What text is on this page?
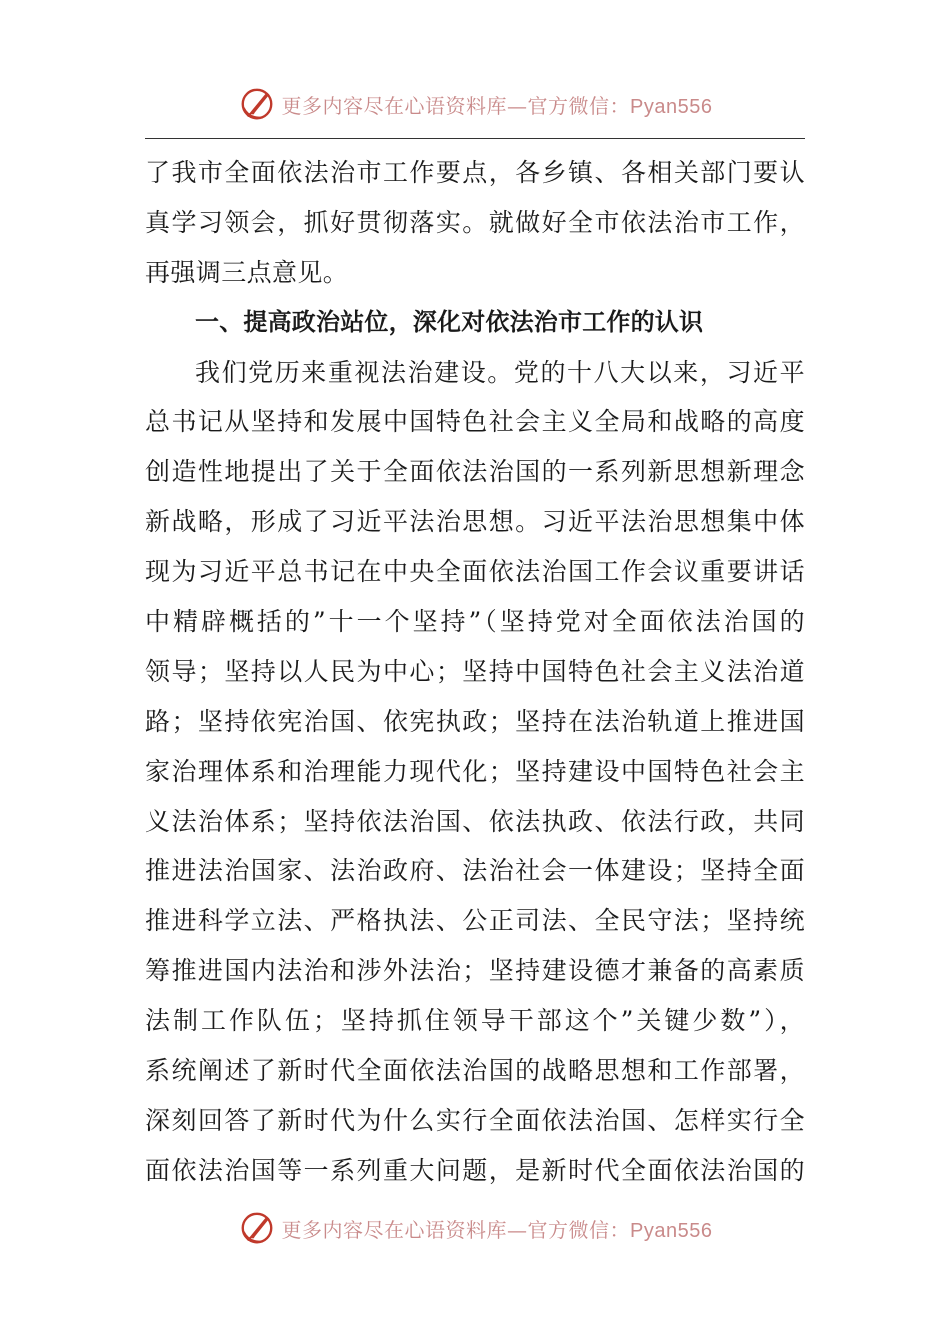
更多内容尽在心语资料库—官方微信：Pyan556
了我市全面依法治市工作要点，各乡镇、各相关部门要认
真学习领会，抓好贯彻落实。就做好全市依法治市工作，
再强调三点意见。
一、提高政治站位，深化对依法治市工作的认识
我们党历来重视法治建设。党的十八大以来，习近平
总书记从坚持和发展中国特色社会主义全局和战略的高度
创造性地提出了关于全面依法治国的一系列新思想新理念
新战略，形成了习近平法治思想。习近平法治思想集中体
现为习近平总书记在中央全面依法治国工作会议重要讲话
中精辟概括的”十一个坚持”（坚持党对全面依法治国的
领导；坚持以人民为中心；坚持中国特色社会主义法治道
路；坚持依宪治国、依宪执政；坚持在法治轨道上推进国
家治理体系和治理能力现代化；坚持建设中国特色社会主
义法治体系；坚持依法治国、依法执政、依法行政，共同
推进法治国家、法治政府、法治社会一体建设；坚持全面
推进科学立法、严格执法、公正司法、全民守法；坚持统
筹推进国内法治和涉外法治；坚持建设德才兼备的高素质
法制工作队伍；坚持抓住领导干部这个”关键少数”），
系统阐述了新时代全面依法治国的战略思想和工作部署，
深刻回答了新时代为什么实行全面依法治国、怎样实行全
面依法治国等一系列重大问题，是新时代全面依法治国的
更多内容尽在心语资料库—官方微信：Pyan556
